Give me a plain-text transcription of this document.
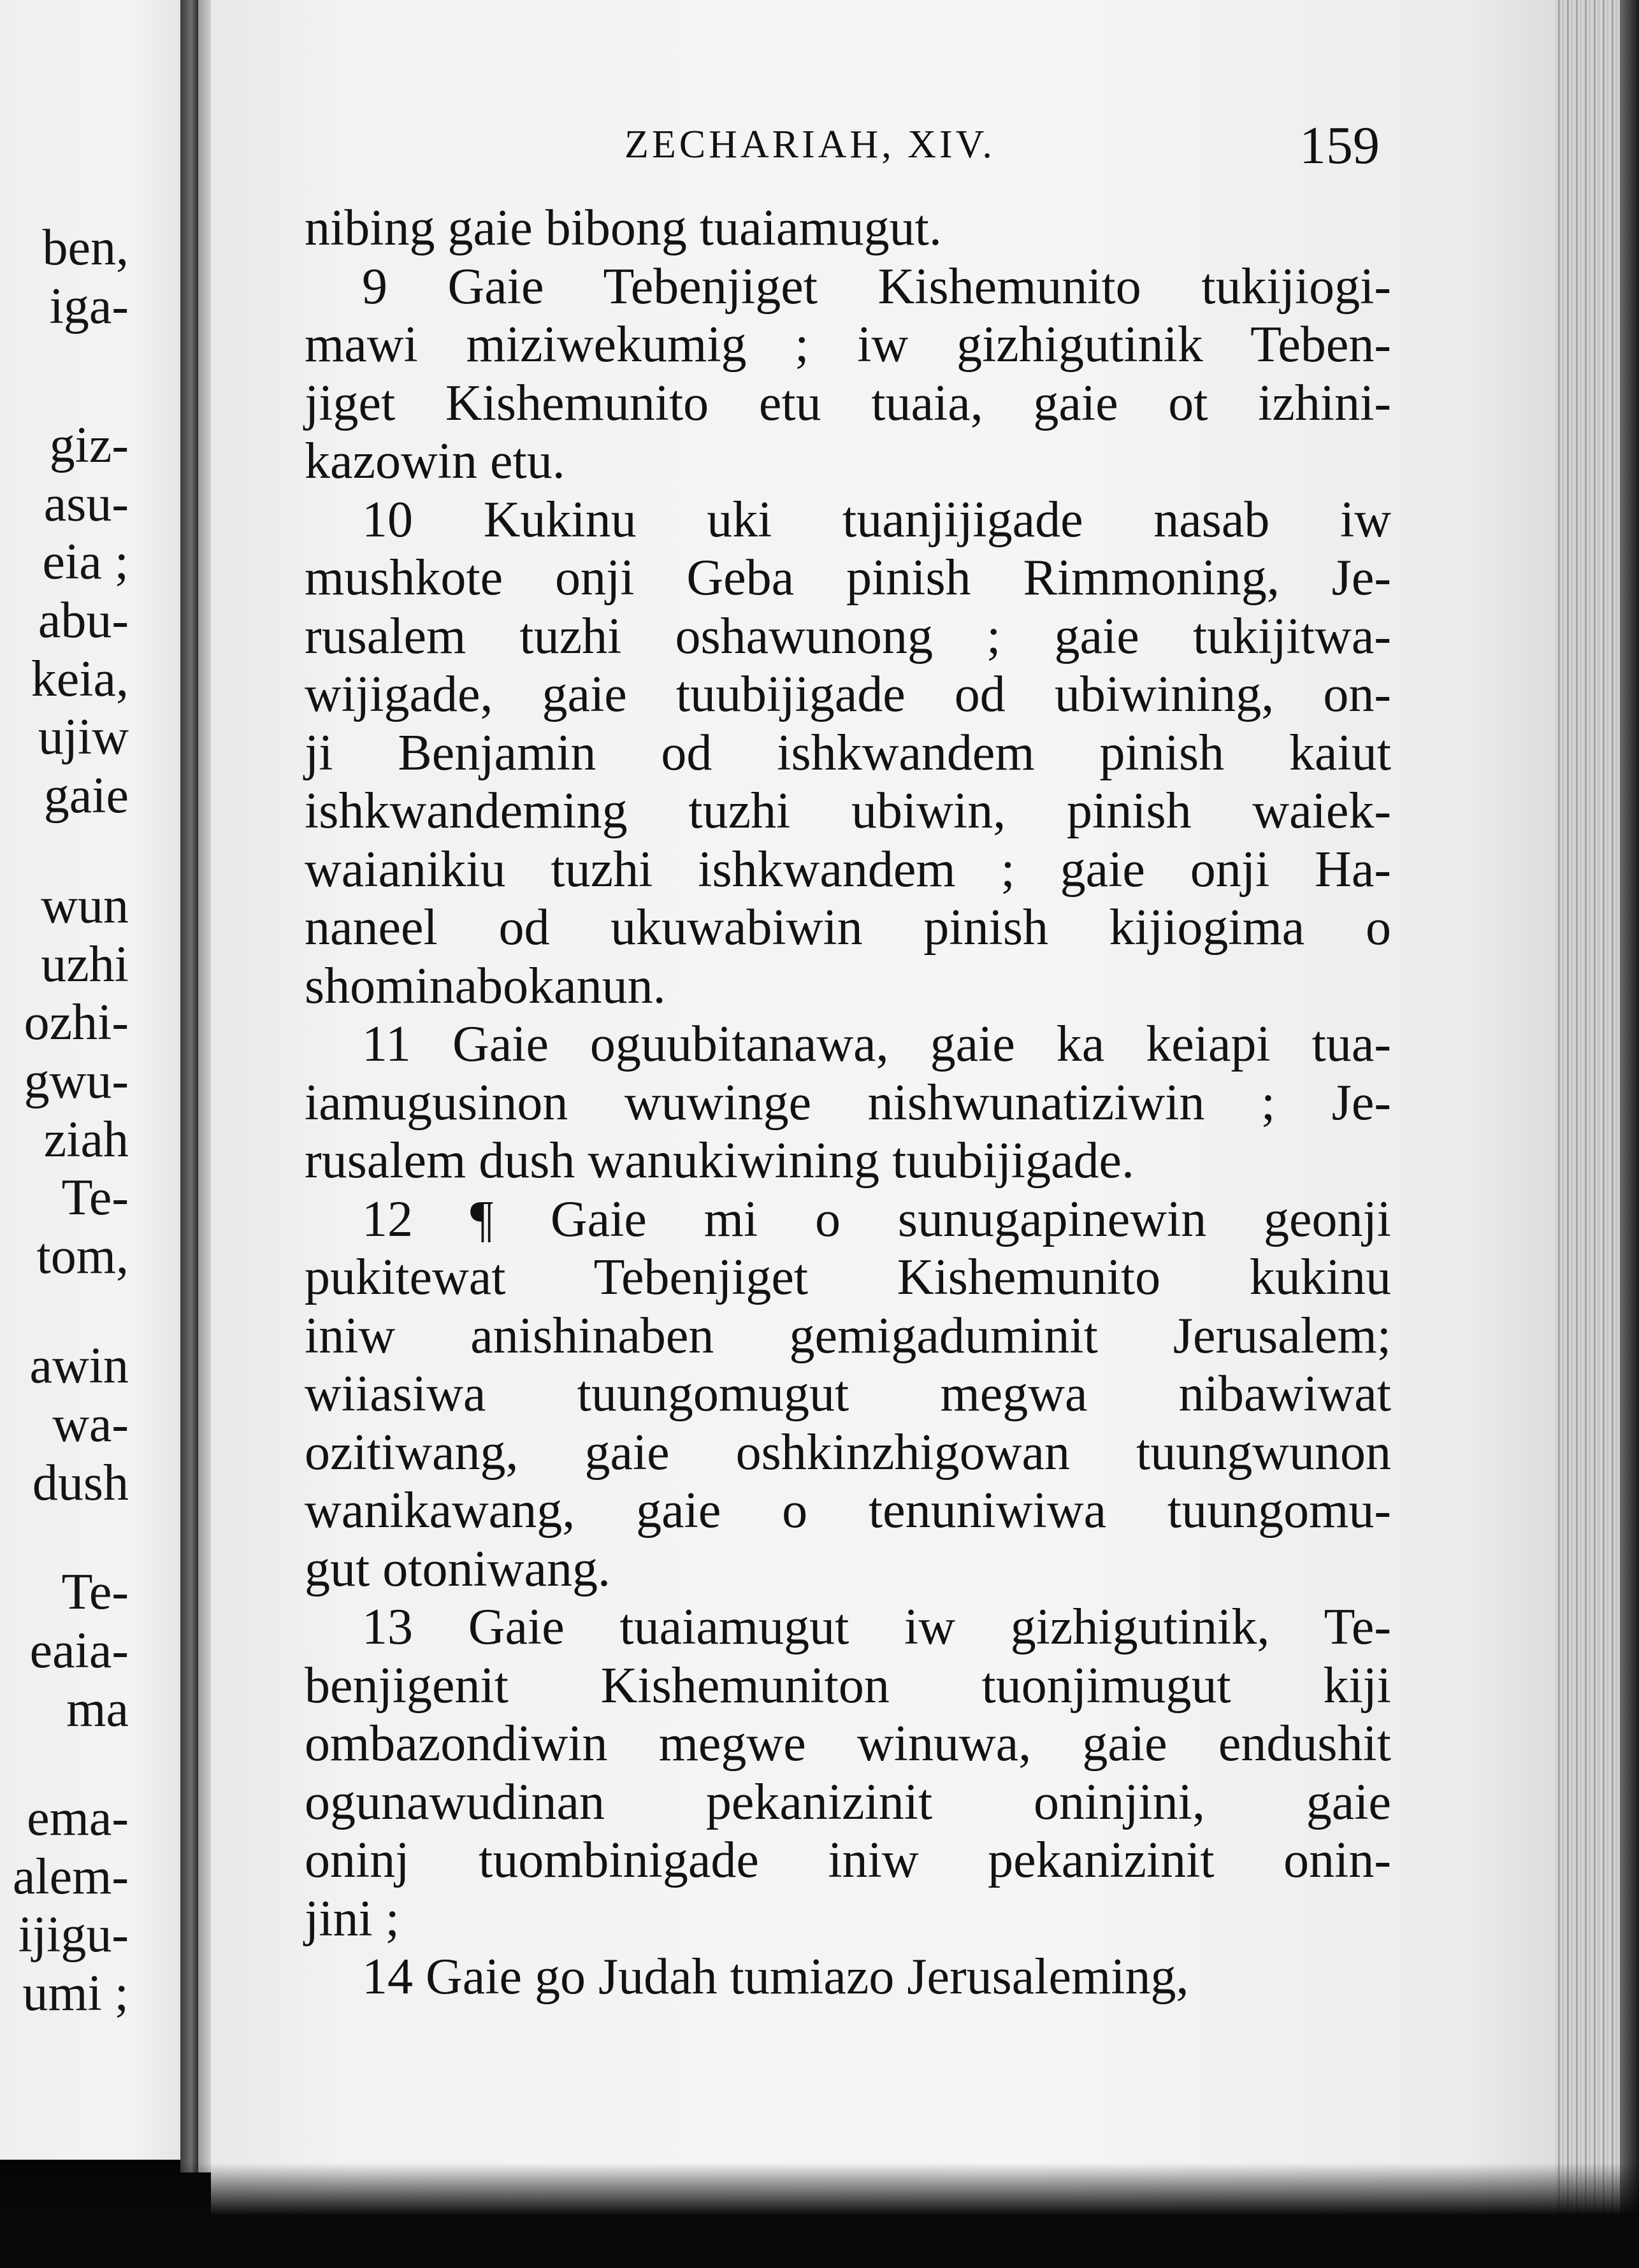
ben,
iga-
giz-
asu-
eia ;
abu-
keia,
ujiw
gaie
wun
uzhi
ozhi-
gwu-
ziah
Te-
tom,
awin
wa-
dush
Te-
eaia-
ma
ema-
alem-
ijigu-
umi ;
ZECHARIAH, XIV.	159
nibing gaie bibong tuaiamugut.
9 Gaie Tebenjiget Kishemunito tukijiogi-
mawi miziwekumig ; iw gizhigutinik Teben-
jiget Kishemunito etu tuaia, gaie ot izhini-
kazowin etu.
10 Kukinu uki tuanjijigade nasab iw
mushkote onji Geba pinish Rimmoning, Je-
rusalem tuzhi oshawunong ; gaie tukijitwa-
wijigade, gaie tuubijigade od ubiwining, on-
ji Benjamin od ishkwandem pinish kaiut
ishkwandeming tuzhi ubiwin, pinish waiek-
waianikiu tuzhi ishkwandem ; gaie onji Ha-
naneel od ukuwabiwin pinish kijiogima o
shominabokanun.
11 Gaie oguubitanawa, gaie ka keiapi tua-
iamugusinon wuwinge nishwunatiziwin ; Je-
rusalem dush wanukiwining tuubijigade.
12 ¶ Gaie mi o sunugapinewin geonji
pukitewat Tebenjiget Kishemunito kukinu
iniw anishinaben gemigaduminit Jerusalem;
wiiasiwa tuungomugut megwa nibawiwat
ozitiwang, gaie oshkinzhigowan tuungwunon
wanikawang, gaie o tenuniwiwa tuungomu-
gut otoniwang.
13 Gaie tuaiamugut iw gizhigutinik, Te-
benjigenit Kishemuniton tuonjimugut kiji
ombazondiwin megwe winuwa, gaie endushit
ogunawudinan pekanizinit oninjini, gaie
oninj tuombinigade iniw pekanizinit onin-
jini ;
14 Gaie go Judah tumiazo Jerusaleming,
